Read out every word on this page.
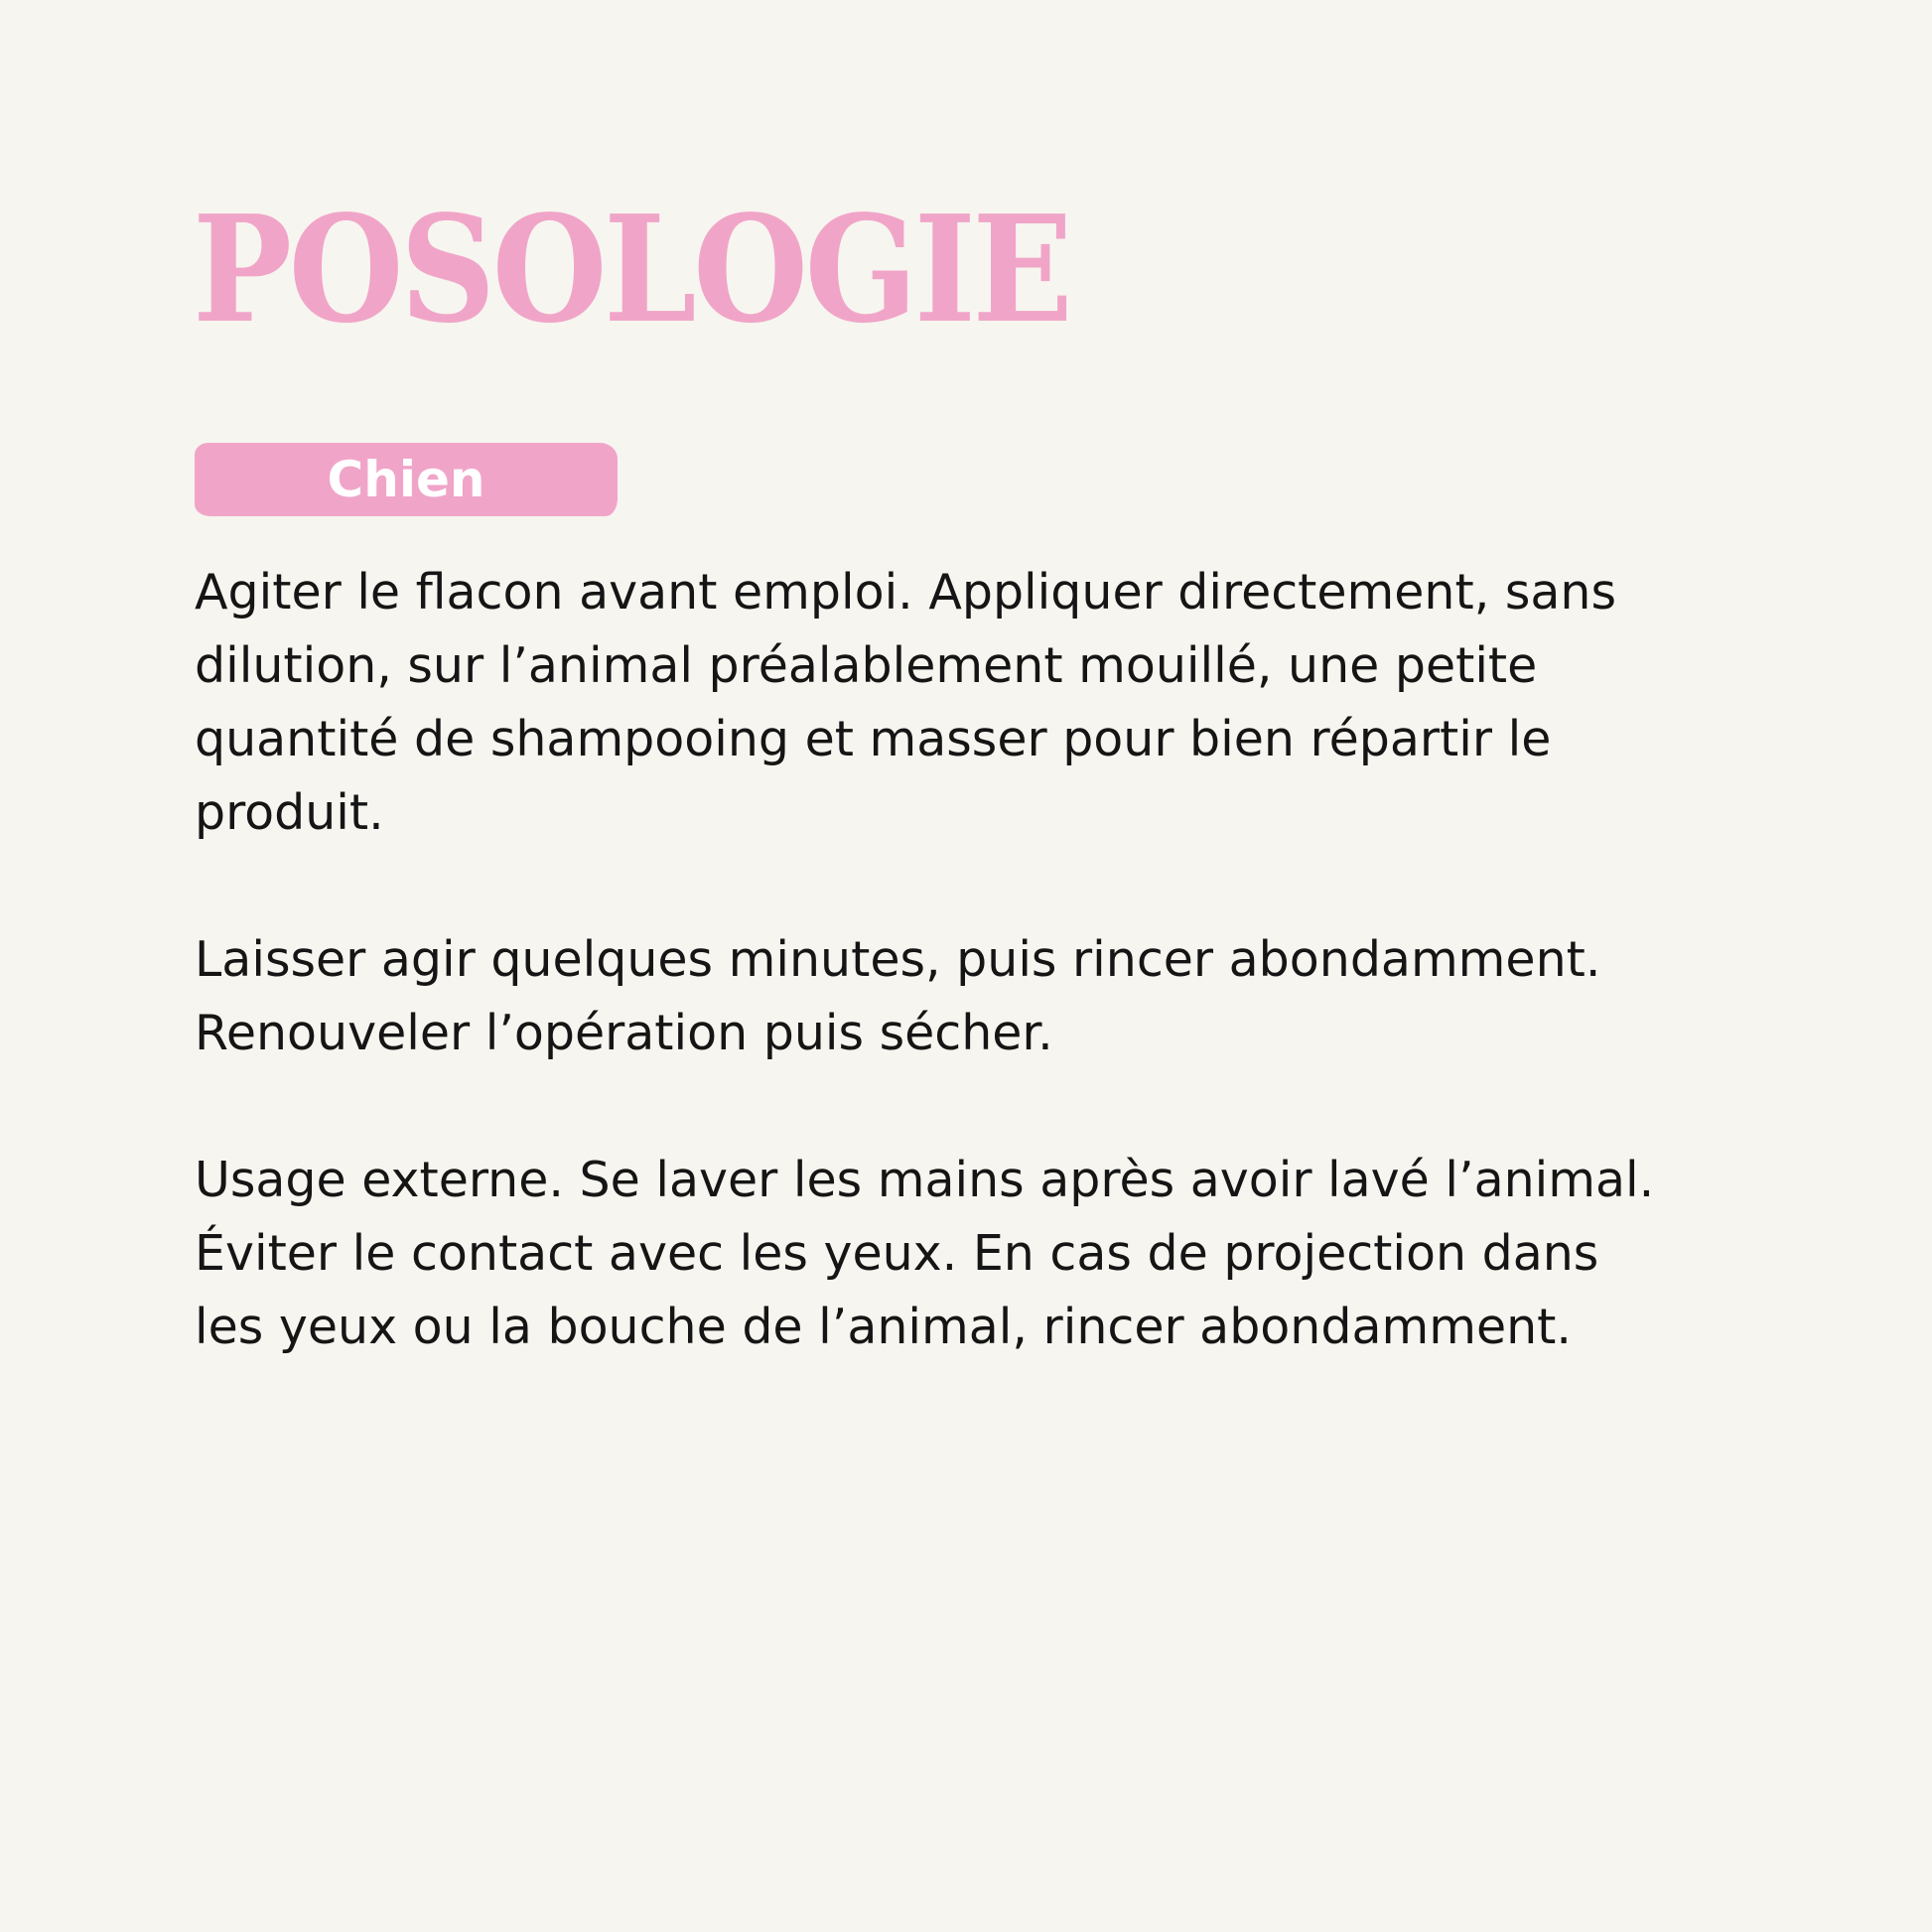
POSOLOGIE
Chien

Agiter le flacon avant emploi. Appliquer directement, sans
dilution, sur l’animal préalablement mouillé, une petite
quantité de shampooing et masser pour bien répartir le
produit.

Laisser agir quelques minutes, puis rincer abondamment.
Renouveler l’opération puis sécher.

Usage externe. Se laver les mains après avoir lavé l’animal.
Éviter le contact avec les yeux. En cas de projection dans
les yeux ou la bouche de l’animal, rincer abondamment.
